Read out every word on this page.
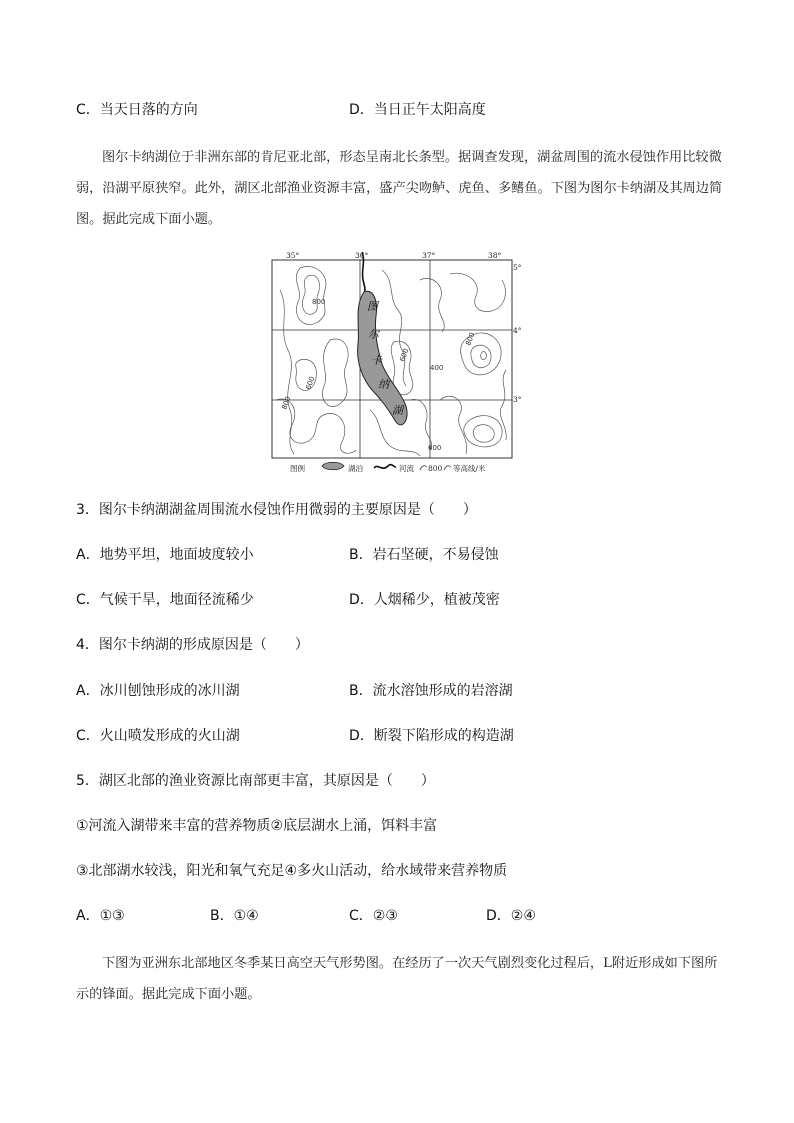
C．当天日落的方向	D．当日正午太阳高度
图尔卡纳湖位于非洲东部的肯尼亚北部，形态呈南北长条型。据调查发现，湖盆周围的流水侵蚀作用比较微弱，沿湖平原狭窄。此外，湖区北部渔业资源丰富，盛产尖吻鲈、虎鱼、多鳍鱼。下图为图尔卡纳湖及其周边简图。据此完成下面小题。
图
尔
卡
纳
湖
800
600
400
800
800
600
600
35°	36°	37°	38°
5°
4°
3°
图例	湖泊	河流 800 等高线/米
3．图尔卡纳湖湖盆周围流水侵蚀作用微弱的主要原因是（　　）
A．地势平坦，地面坡度较小	B．岩石坚硬，不易侵蚀
C．气候干旱，地面径流稀少	D．人烟稀少，植被茂密
4．图尔卡纳湖的形成原因是（　　）
A．冰川刨蚀形成的冰川湖	B．流水溶蚀形成的岩溶湖
C．火山喷发形成的火山湖	D．断裂下陷形成的构造湖
5．湖区北部的渔业资源比南部更丰富，其原因是（　　）
①河流入湖带来丰富的营养物质②底层湖水上涌，饵料丰富
③北部湖水较浅，阳光和氧气充足④多火山活动，给水域带来营养物质
A．①③	B．①④	C．②③	D．②④
下图为亚洲东北部地区冬季某日高空天气形势图。在经历了一次天气剧烈变化过程后，L附近形成如下图所示的锋面。据此完成下面小题。
